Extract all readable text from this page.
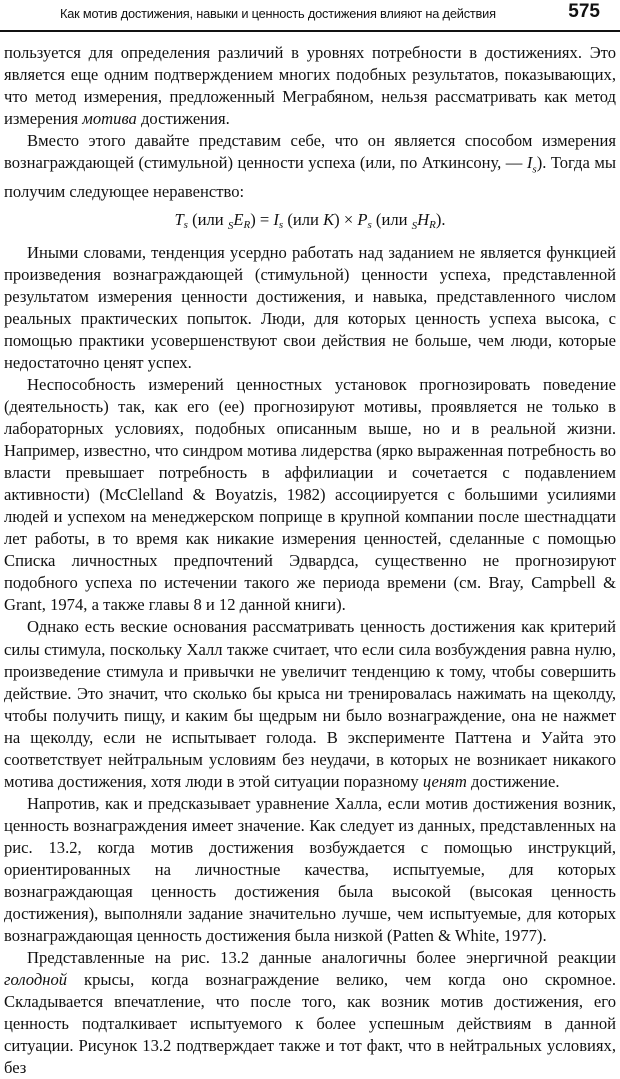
Как мотив достижения, навыки и ценность достижения влияют на действия	575

пользуется для определения различий в уровнях потребности в достижениях. Это является еще одним подтверждением многих подобных результатов, показывающих, что метод измерения, предложенный Меграбяном, нельзя рассматривать как метод измерения мотива достижения.

Вместо этого давайте представим себе, что он является способом измерения вознаграждающей (стимульной) ценности успеха (или, по Аткинсону, — $I_s$). Тогда мы получим следующее неравенство:

$T_s$ (или $_SE_R) = I_s$ (или $K) \times P_s$ (или $_SH_R$).

Иными словами, тенденция усердно работать над заданием не является функцией произведения вознаграждающей (стимульной) ценности успеха, представленной результатом измерения ценности достижения, и навыка, представленного числом реальных практических попыток. Люди, для которых ценность успеха высока, с помощью практики усовершенствуют свои действия не больше, чем люди, которые недостаточно ценят успех.

Неспособность измерений ценностных установок прогнозировать поведение (деятельность) так, как его (ее) прогнозируют мотивы, проявляется не только в лабораторных условиях, подобных описанным выше, но и в реальной жизни. Например, известно, что синдром мотива лидерства (ярко выраженная потребность во власти превышает потребность в аффилиации и сочетается с подавлением активности) (McClelland & Boyatzis, 1982) ассоциируется с большими усилиями людей и успехом на менеджерском поприще в крупной компании после шестнадцати лет работы, в то время как никакие измерения ценностей, сделанные с помощью Списка личностных предпочтений Эдвардса, существенно не прогнозируют подобного успеха по истечении такого же периода времени (см. Bray, Campbell & Grant, 1974, а также главы 8 и 12 данной книги).

Однако есть веские основания рассматривать ценность достижения как критерий силы стимула, поскольку Халл также считает, что если сила возбуждения равна нулю, произведение стимула и привычки не увеличит тенденцию к тому, чтобы совершить действие. Это значит, что сколько бы крыса ни тренировалась нажимать на щеколду, чтобы получить пищу, и каким бы щедрым ни было вознаграждение, она не нажмет на щеколду, если не испытывает голода. В эксперименте Паттена и Уайта это соответствует нейтральным условиям без неудачи, в которых не возникает никакого мотива достижения, хотя люди в этой ситуации поразному ценят достижение.

Напротив, как и предсказывает уравнение Халла, если мотив достижения возник, ценность вознаграждения имеет значение. Как следует из данных, представленных на рис. 13.2, когда мотив достижения возбуждается с помощью инструкций, ориентированных на личностные качества, испытуемые, для которых вознаграждающая ценность достижения была высокой (высокая ценность достижения), выполняли задание значительно лучше, чем испытуемые, для которых вознаграждающая ценность достижения была низкой (Patten & White, 1977).

Представленные на рис. 13.2 данные аналогичны более энергичной реакции голодной крысы, когда вознаграждение велико, чем когда оно скромное. Складывается впечатление, что после того, как возник мотив достижения, его ценность подталкивает испытуемого к более успешным действиям в данной ситуации. Рисунок 13.2 подтверждает также и тот факт, что в нейтральных условиях, без
